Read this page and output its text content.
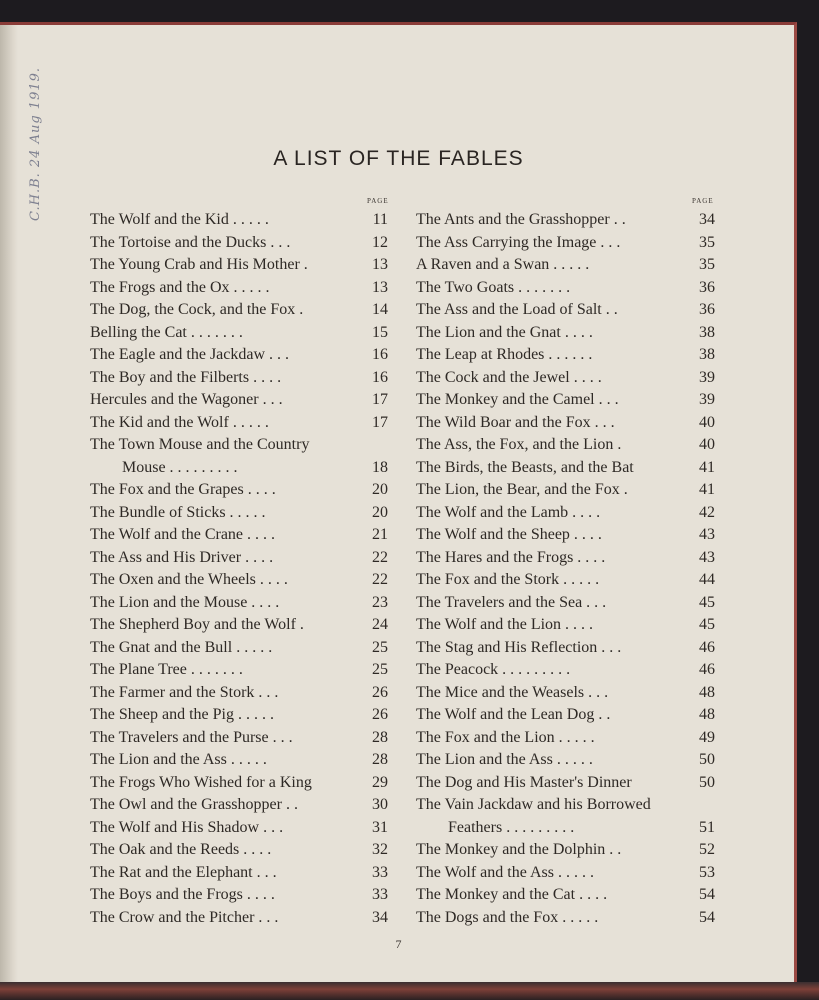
C.H.B. 24 Aug 1919.	A LIST OF THE FABLES
PAGE	PAGE
The Wolf and the Kid . . . . .	11
The Tortoise and the Ducks . . .	12
The Young Crab and His Mother .	13
The Frogs and the Ox . . . . .	13
The Dog, the Cock, and the Fox .	14
Belling the Cat . . . . . . .	15
The Eagle and the Jackdaw . . .	16
The Boy and the Filberts . . . .	16
Hercules and the Wagoner . . .	17
The Kid and the Wolf . . . . .	17
The Town Mouse and the Country
Mouse . . . . . . . . .	18
The Fox and the Grapes . . . .	20
The Bundle of Sticks . . . . .	20
The Wolf and the Crane . . . .	21
The Ass and His Driver . . . .	22
The Oxen and the Wheels . . . .	22
The Lion and the Mouse . . . .	23
The Shepherd Boy and the Wolf .	24
The Gnat and the Bull . . . . .	25
The Plane Tree . . . . . . .	25
The Farmer and the Stork . . .	26
The Sheep and the Pig . . . . .	26
The Travelers and the Purse . . .	28
The Lion and the Ass . . . . .	28
The Frogs Who Wished for a King	29
The Owl and the Grasshopper . .	30
The Wolf and His Shadow . . .	31
The Oak and the Reeds . . . .	32
The Rat and the Elephant . . .	33
The Boys and the Frogs . . . .	33
The Crow and the Pitcher . . .	34
The Ants and the Grasshopper . .	34
The Ass Carrying the Image . . .	35
A Raven and a Swan . . . . .	35
The Two Goats . . . . . . .	36
The Ass and the Load of Salt . .	36
The Lion and the Gnat . . . .	38
The Leap at Rhodes . . . . . .	38
The Cock and the Jewel . . . .	39
The Monkey and the Camel . . .	39
The Wild Boar and the Fox . . .	40
The Ass, the Fox, and the Lion .	40
The Birds, the Beasts, and the Bat	41
The Lion, the Bear, and the Fox .	41
The Wolf and the Lamb . . . .	42
The Wolf and the Sheep . . . .	43
The Hares and the Frogs . . . .	43
The Fox and the Stork . . . . .	44
The Travelers and the Sea . . .	45
The Wolf and the Lion . . . .	45
The Stag and His Reflection . . .	46
The Peacock . . . . . . . . .	46
The Mice and the Weasels . . .	48
The Wolf and the Lean Dog . .	48
The Fox and the Lion . . . . .	49
The Lion and the Ass . . . . .	50
The Dog and His Master's Dinner	50
The Vain Jackdaw and his Borrowed
Feathers . . . . . . . . .	51
The Monkey and the Dolphin . .	52
The Wolf and the Ass . . . . .	53
The Monkey and the Cat . . . .	54
The Dogs and the Fox . . . . .	54
7
